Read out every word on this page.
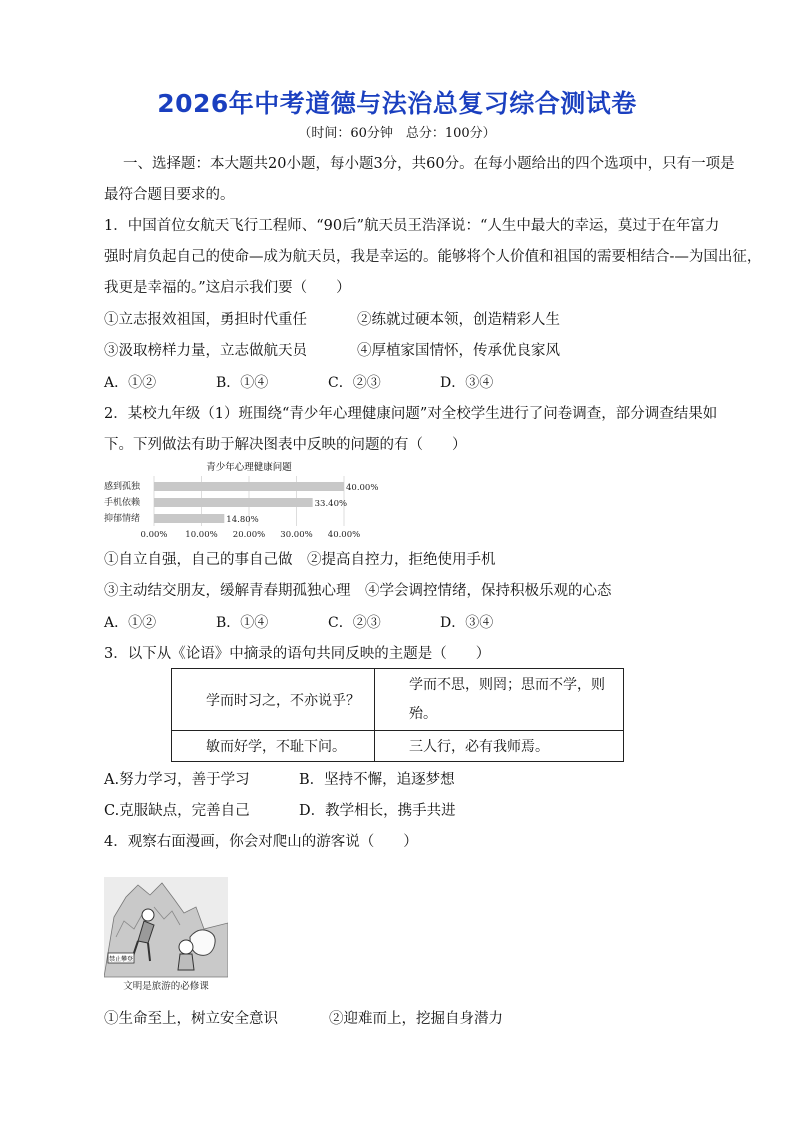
2026年中考道德与法治总复习综合测试卷
（时间：60分钟　总分：100分）
一、选择题：本大题共20小题，每小题3分，共60分。在每小题给出的四个选项中，只有一项是
最符合题目要求的。
1．中国首位女航天飞行工程师、“90后”航天员王浩泽说：“人生中最大的幸运，莫过于在年富力
强时肩负起自己的使命—成为航天员，我是幸运的。能够将个人价值和祖国的需要相结合-—为国出征，
我更是幸福的。”这启示我们要（　　）
①立志报效祖国，勇担时代重任	②练就过硬本领，创造精彩人生
③汲取榜样力量，立志做航天员	④厚植家国情怀，传承优良家风
A．①②	B．①④	C．②③	D．③④
2．某校九年级（1）班围绕“青少年心理健康问题”对全校学生进行了问卷调查，部分调查结果如
下。下列做法有助于解决图表中反映的问题的有（　　）
青少年心理健康问题
0.00% 10.00% 20.00% 30.00% 40.00%
感到孤独	40.00%
手机依赖	33.40%
抑郁情绪	14.80%
①自立自强，自己的事自己做　②提高自控力，拒绝使用手机
③主动结交朋友，缓解青春期孤独心理　④学会调控情绪，保持积极乐观的心态
A．①②	B．①④	C．②③	D．③④
3．以下从《论语》中摘录的语句共同反映的主题是（　　）
学而时习之，不亦说乎？	学而不思，则罔；思而不学，则
殆。
敏而好学，不耻下问。	三人行，必有我师焉。
A.努力学习，善于学习	B．坚持不懈，追逐梦想
C.克服缺点，完善自己	D．教学相长，携手共进
4．观察右面漫画，你会对爬山的游客说（　　）
禁止攀登
文明是旅游的必修课
①生命至上，树立安全意识	②迎难而上，挖掘自身潜力
